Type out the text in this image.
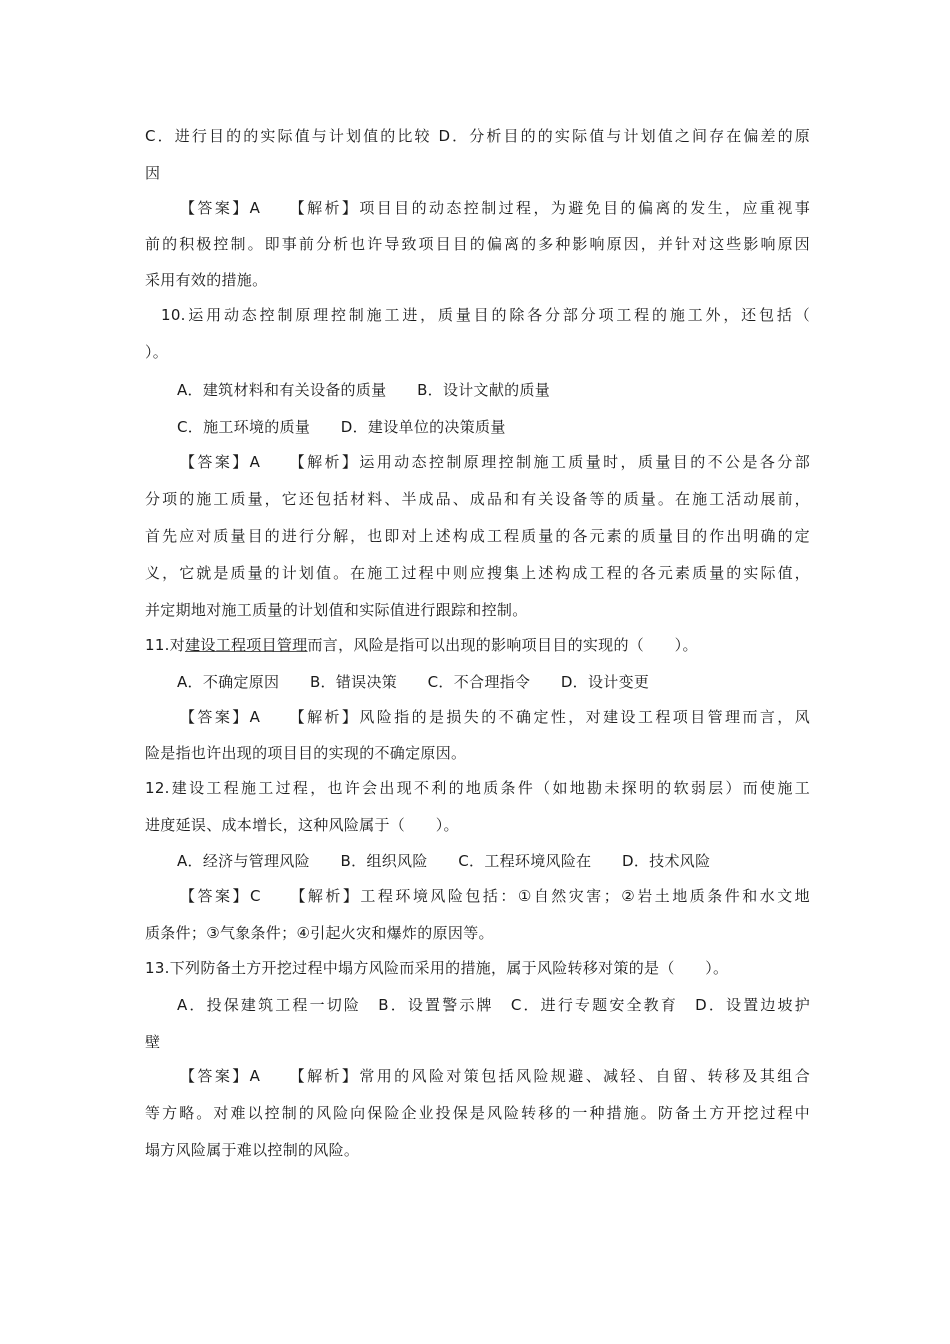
C．进行目的的实际值与计划值的比较 D．分析目的的实际值与计划值之间存在偏差的原
因
【答案】A　　【解析】项目目的动态控制过程，为避免目的偏离的发生，应重视事
前的积极控制。即事前分析也许导致项目目的偏离的多种影响原因，并针对这些影响原因
采用有效的措施。
10.运用动态控制原理控制施工进，质量目的除各分部分项工程的施工外，还包括（
）。
A．建筑材料和有关设备的质量　　B．设计文献的质量
C．施工环境的质量　　D．建设单位的决策质量
【答案】A　　【解析】运用动态控制原理控制施工质量时，质量目的不公是各分部
分项的施工质量，它还包括材料、半成品、成品和有关设备等的质量。在施工活动展前，
首先应对质量目的进行分解，也即对上述构成工程质量的各元素的质量目的作出明确的定
义，它就是质量的计划值。在施工过程中则应搜集上述构成工程的各元素质量的实际值，
并定期地对施工质量的计划值和实际值进行跟踪和控制。
11.对建设工程项目管理而言，风险是指可以出现的影响项目目的实现的（　　）。
A．不确定原因　　B．错误决策　　C．不合理指令　　D．设计变更
【答案】A　　【解析】风险指的是损失的不确定性，对建设工程项目管理而言，风
险是指也许出现的项目目的实现的不确定原因。
12.建设工程施工过程，也许会出现不利的地质条件（如地勘未探明的软弱层）而使施工
进度延误、成本增长，这种风险属于（　　）。
A．经济与管理风险　　B．组织风险　　C．工程环境风险在　　D．技术风险
【答案】C　　【解析】工程环境风险包括：①自然灾害；②岩土地质条件和水文地
质条件；③气象条件；④引起火灾和爆炸的原因等。
13.下列防备土方开挖过程中塌方风险而采用的措施，属于风险转移对策的是（　　）。
A．投保建筑工程一切险　B．设置警示牌　C．进行专题安全教育　D．设置边坡护
壁
【答案】A　　【解析】常用的风险对策包括风险规避、减轻、自留、转移及其组合
等方略。对难以控制的风险向保险企业投保是风险转移的一种措施。防备土方开挖过程中
塌方风险属于难以控制的风险。
